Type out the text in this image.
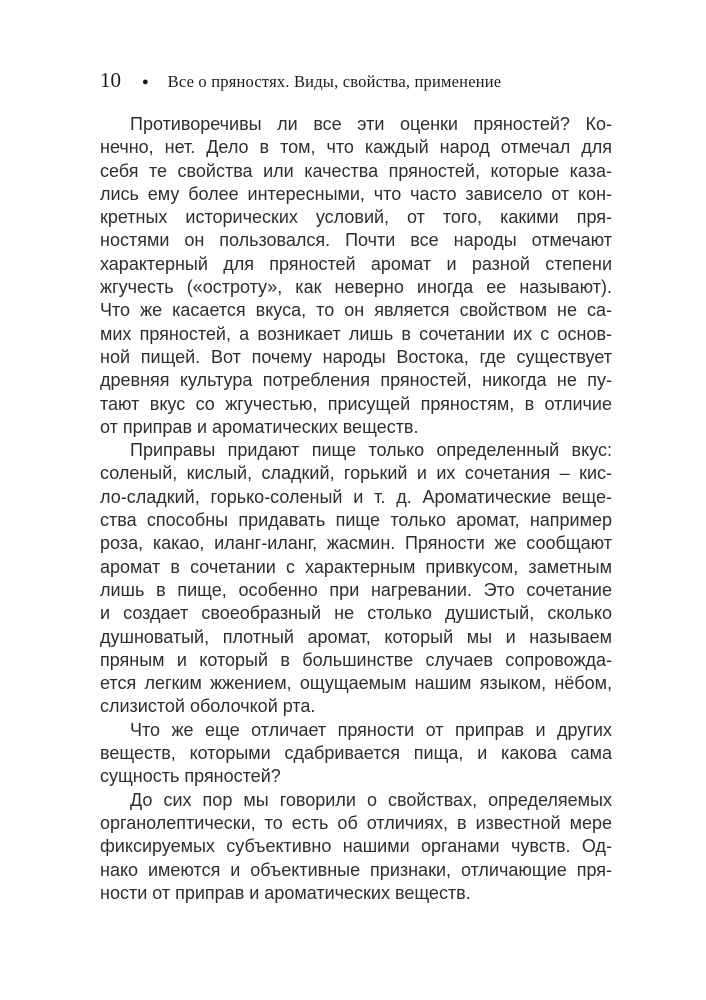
10 ● Все о пряностях. Виды, свойства, применение
Противоречивы ли все эти оценки пряностей? Ко-
нечно, нет. Дело в том, что каждый народ отмечал для
себя те свойства или качества пряностей, которые каза-
лись ему более интересными, что часто зависело от кон-
кретных исторических условий, от того, какими пря-
ностями он пользовался. Почти все народы отмечают
характерный для пряностей аромат и разной степени
жгучесть («остроту», как неверно иногда ее называют).
Что же касается вкуса, то он является свойством не са-
мих пряностей, а возникает лишь в сочетании их с основ-
ной пищей. Вот почему народы Востока, где существует
древняя культура потребления пряностей, никогда не пу-
тают вкус со жгучестью, присущей пряностям, в отличие
от приправ и ароматических веществ.
Приправы придают пище только определенный вкус:
соленый, кислый, сладкий, горький и их сочетания – кис-
ло-сладкий, горько-соленый и т. д. Ароматические веще-
ства способны придавать пище только аромат, например
роза, какао, иланг-иланг, жасмин. Пряности же сообщают
аромат в сочетании с характерным привкусом, заметным
лишь в пище, особенно при нагревании. Это сочетание
и создает своеобразный не столько душистый, сколько
душноватый, плотный аромат, который мы и называем
пряным и который в большинстве случаев сопровожда-
ется легким жжением, ощущаемым нашим языком, нёбом,
слизистой оболочкой рта.
Что же еще отличает пряности от приправ и других
веществ, которыми сдабривается пища, и какова сама
сущность пряностей?
До сих пор мы говорили о свойствах, определяемых
органолептически, то есть об отличиях, в известной мере
фиксируемых субъективно нашими органами чувств. Од-
нако имеются и объективные признаки, отличающие пря-
ности от приправ и ароматических веществ.
